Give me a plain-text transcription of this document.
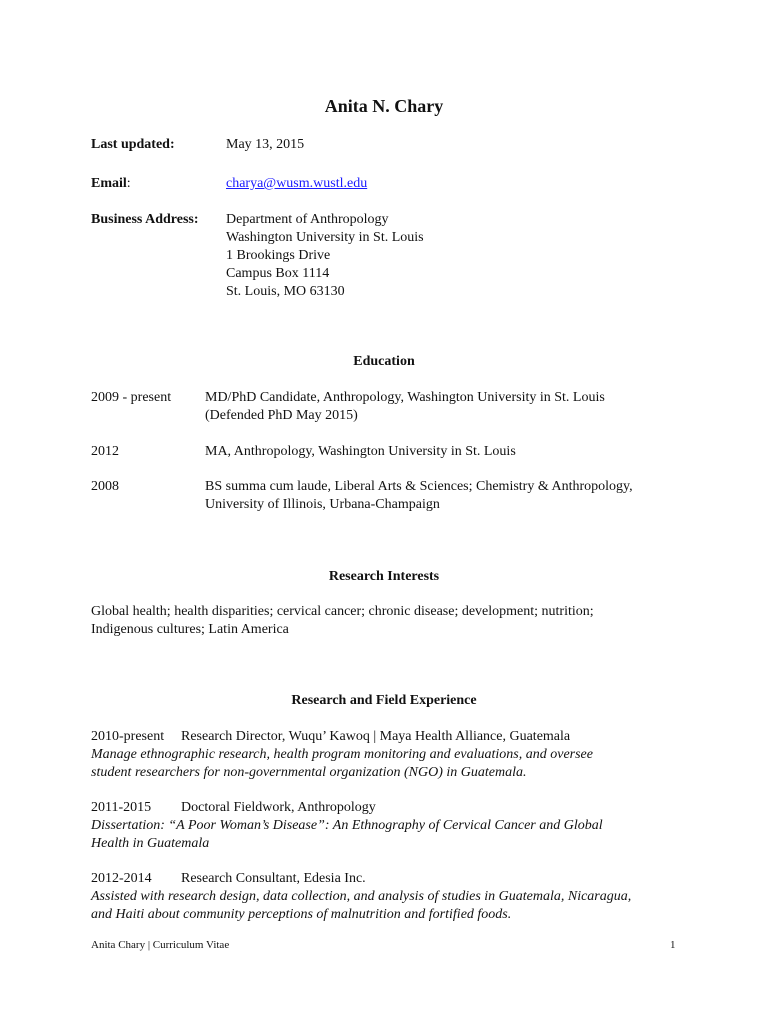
Anita N. Chary
Last updated:	May 13, 2015
Email:	charya@wusm.wustl.edu
Business Address: Department of Anthropology
Washington University in St. Louis
1 Brookings Drive
Campus Box 1114
St. Louis, MO 63130
Education
2009 - present MD/PhD Candidate, Anthropology, Washington University in St. Louis
(Defended PhD May 2015)
2012	MA, Anthropology, Washington University in St. Louis
2008	BS summa cum laude, Liberal Arts & Sciences; Chemistry & Anthropology,
University of Illinois, Urbana-Champaign
Research Interests
Global health; health disparities; cervical cancer; chronic disease; development; nutrition;
Indigenous cultures; Latin America
Research and Field Experience
2010-present Research Director, Wuqu’ Kawoq | Maya Health Alliance, Guatemala
Manage ethnographic research, health program monitoring and evaluations, and oversee
student researchers for non-governmental organization (NGO) in Guatemala.
2011-2015 Doctoral Fieldwork, Anthropology
Dissertation: “A Poor Woman’s Disease”: An Ethnography of Cervical Cancer and Global
Health in Guatemala
2012-2014 Research Consultant, Edesia Inc.
Assisted with research design, data collection, and analysis of studies in Guatemala, Nicaragua,
and Haiti about community perceptions of malnutrition and fortified foods.
Anita Chary | Curriculum Vitae	1
